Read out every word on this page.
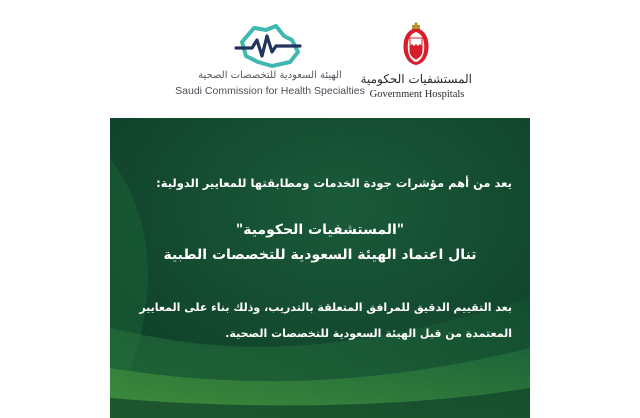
الهيئة السعودية للتخصصات الصحية
Saudi Commission for Health Specialties
المستشفيات الحكومية
Government Hospitals
يعد من أهم مؤشرات جودة الخدمات ومطابقتها للمعايير الدولية:
"المستشفيات الحكومية"
تنال اعتماد الهيئة السعودية للتخصصات الطبية
بعد التقييم الدقيق للمرافق المتعلقة بالتدريب، وذلك بناء على المعايير
المعتمدة من قبل الهيئة السعودية للتخصصات الصحية.
